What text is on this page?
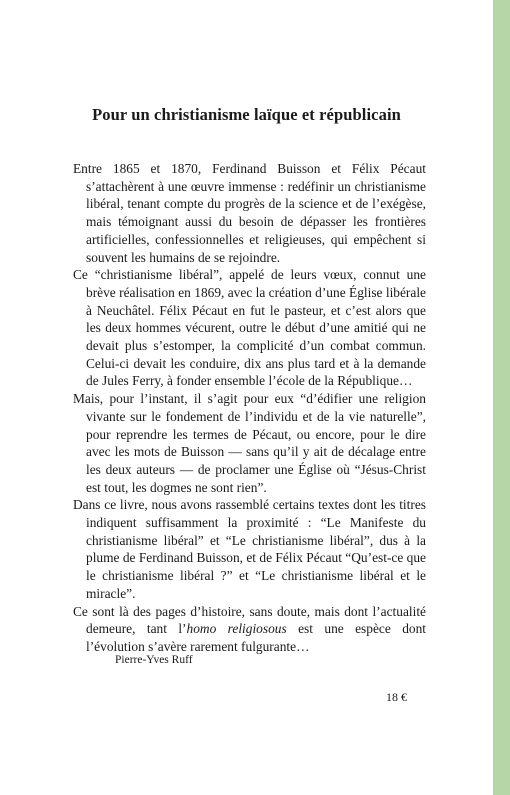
Pour un christianisme laïque et républicain

Entre 1865 et 1870, Ferdinand Buisson et Félix Pécaut s’attachèrent à une œuvre immense : redéfinir un christianisme libéral, tenant compte du progrès de la science et de l’exégèse, mais témoignant aussi du besoin de dépasser les frontières artificielles, confessionnelles et religieuses, qui empêchent si souvent les humains de se rejoindre.

Ce “christianisme libéral”, appelé de leurs vœux, connut une brève réalisation en 1869, avec la création d’une Église libérale à Neuchâtel. Félix Pécaut en fut le pasteur, et c’est alors que les deux hommes vécurent, outre le début d’une amitié qui ne devait plus s’estomper, la complicité d’un combat commun. Celui-ci devait les conduire, dix ans plus tard et à la demande de Jules Ferry, à fonder ensemble l’école de la République…

Mais, pour l’instant, il s’agit pour eux “d’édifier une religion vivante sur le fondement de l’individu et de la vie naturelle”, pour reprendre les termes de Pécaut, ou encore, pour le dire avec les mots de Buisson — sans qu’il y ait de décalage entre les deux auteurs — de proclamer une Église où “Jésus-Christ est tout, les dogmes ne sont rien”.

Dans ce livre, nous avons rassemblé certains textes dont les titres indiquent suffisamment la proximité : “Le Manifeste du christianisme libéral” et “Le christianisme libéral”, dus à la plume de Ferdinand Buisson, et de Félix Pécaut “Qu’est-ce que le christianisme libéral ?” et “Le christianisme libéral et le miracle”.

Ce sont là des pages d’histoire, sans doute, mais dont l’actualité demeure, tant l’homo religiosous est une espèce dont l’évolution s’avère rarement fulgurante…

Pierre-Yves Ruff
18 €
